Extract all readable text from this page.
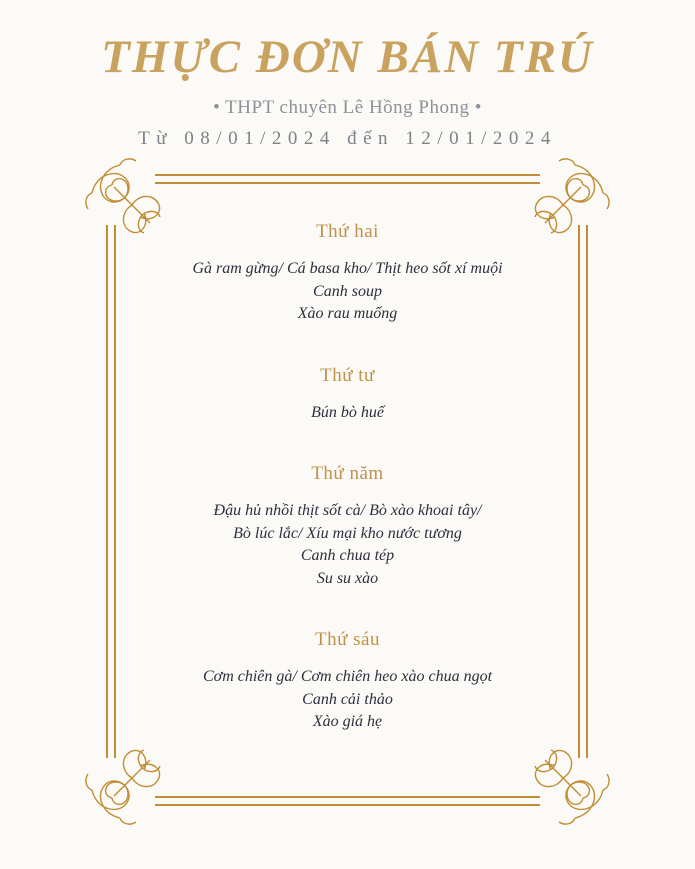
THỰC ĐƠN BÁN TRÚ
• THPT chuyên Lê Hồng Phong •
Từ 08/01/2024 đến 12/01/2024
Thứ hai
Gà ram gừng/ Cá basa kho/ Thịt heo sốt xí muội
Canh soup
Xào rau muống
Thứ tư
Bún bò huế
Thứ năm
Đậu hủ nhồi thịt sốt cà/ Bò xào khoai tây/
Bò lúc lắc/ Xíu mại kho nước tương
Canh chua tép
Su su xào
Thứ sáu
Cơm chiên gà/ Cơm chiên heo xào chua ngọt
Canh cải thảo
Xào giá hẹ
